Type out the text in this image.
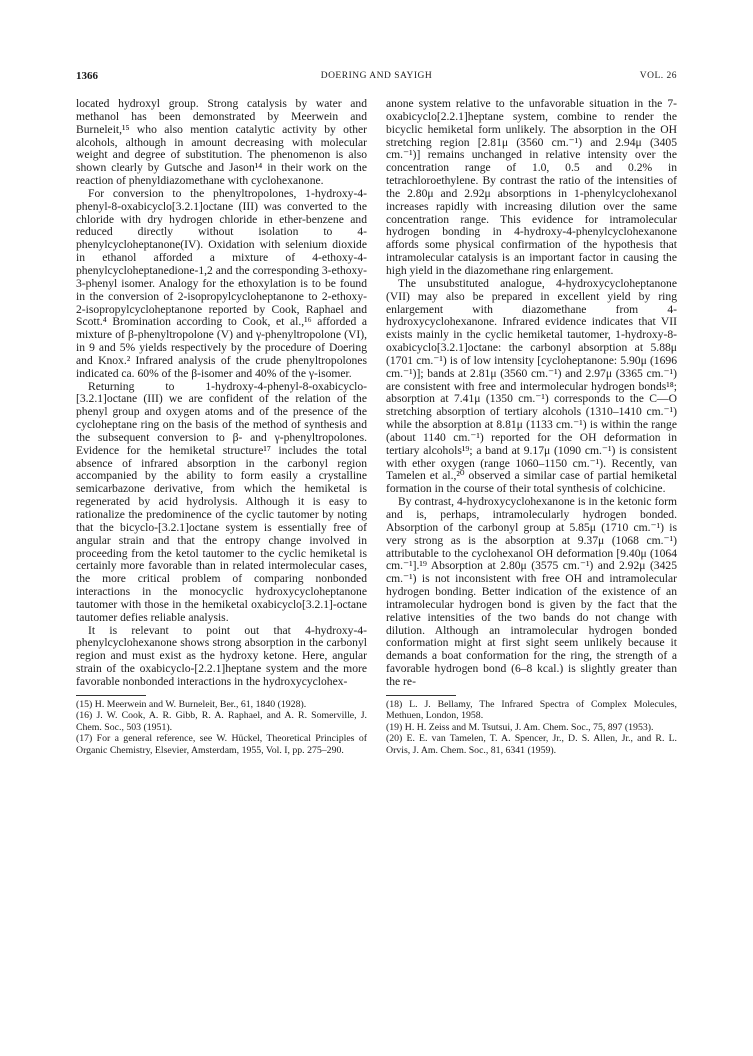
1366	DOERING AND SAYIGH	VOL. 26

located hydroxyl group. Strong catalysis by water and methanol has been demonstrated by Meerwein and Burneleit,¹⁵ who also mention catalytic activity by other alcohols, although in amount decreasing with molecular weight and degree of substitution. The phenomenon is also shown clearly by Gutsche and Jason¹⁴ in their work on the reaction of phenyldiazomethane with cyclohexanone.

For conversion to the phenyltropolones, 1-hydroxy-4-phenyl-8-oxabicyclo[3.2.1]octane (III) was converted to the chloride with dry hydrogen chloride in ether-benzene and reduced directly without isolation to 4-phenylcycloheptanone(IV). Oxidation with selenium dioxide in ethanol afforded a mixture of 4-ethoxy-4-phenylcycloheptanedione-1,2 and the corresponding 3-ethoxy-3-phenyl isomer. Analogy for the ethoxylation is to be found in the conversion of 2-isopropylcycloheptanone to 2-ethoxy-2-isopropylcycloheptanone reported by Cook, Raphael and Scott.⁴ Bromination according to Cook, et al.,¹⁶ afforded a mixture of β-phenyltropolone (V) and γ-phenyltropolone (VI), in 9 and 5% yields respectively by the procedure of Doering and Knox.² Infrared analysis of the crude phenyltropolones indicated ca. 60% of the β-isomer and 40% of the γ-isomer.

Returning to 1-hydroxy-4-phenyl-8-oxabicyclo-[3.2.1]octane (III) we are confident of the relation of the phenyl group and oxygen atoms and of the presence of the cycloheptane ring on the basis of the method of synthesis and the subsequent conversion to β- and γ-phenyltropolones. Evidence for the hemiketal structure¹⁷ includes the total absence of infrared absorption in the carbonyl region accompanied by the ability to form easily a crystalline semicarbazone derivative, from which the hemiketal is regenerated by acid hydrolysis. Although it is easy to rationalize the predominence of the cyclic tautomer by noting that the bicyclo-[3.2.1]octane system is essentially free of angular strain and that the entropy change involved in proceeding from the ketol tautomer to the cyclic hemiketal is certainly more favorable than in related intermolecular cases, the more critical problem of comparing nonbonded interactions in the monocyclic hydroxycycloheptanone tautomer with those in the hemiketal oxabicyclo[3.2.1]-octane tautomer defies reliable analysis.

It is relevant to point out that 4-hydroxy-4-phenylcyclohexanone shows strong absorption in the carbonyl region and must exist as the hydroxy ketone. Here, angular strain of the oxabicyclo-[2.2.1]heptane system and the more favorable nonbonded interactions in the hydroxycyclohex-

(15) H. Meerwein and W. Burneleit, Ber., 61, 1840 (1928).

(16) J. W. Cook, A. R. Gibb, R. A. Raphael, and A. R. Somerville, J. Chem. Soc., 503 (1951).

(17) For a general reference, see W. Hückel, Theoretical Principles of Organic Chemistry, Elsevier, Amsterdam, 1955, Vol. I, pp. 275–290.

anone system relative to the unfavorable situation in the 7-oxabicyclo[2.2.1]heptane system, combine to render the bicyclic hemiketal form unlikely. The absorption in the OH stretching region [2.81μ (3560 cm.⁻¹) and 2.94μ (3405 cm.⁻¹)] remains unchanged in relative intensity over the concentration range of 1.0, 0.5 and 0.2% in tetrachloroethylene. By contrast the ratio of the intensities of the 2.80μ and 2.92μ absorptions in 1-phenylcyclohexanol increases rapidly with increasing dilution over the same concentration range. This evidence for intramolecular hydrogen bonding in 4-hydroxy-4-phenylcyclohexanone affords some physical confirmation of the hypothesis that intramolecular catalysis is an important factor in causing the high yield in the diazomethane ring enlargement.

The unsubstituted analogue, 4-hydroxycycloheptanone (VII) may also be prepared in excellent yield by ring enlargement with diazomethane from 4-hydroxycyclohexanone. Infrared evidence indicates that VII exists mainly in the cyclic hemiketal tautomer, 1-hydroxy-8-oxabicyclo[3.2.1]octane: the carbonyl absorption at 5.88μ (1701 cm.⁻¹) is of low intensity [cycloheptanone: 5.90μ (1696 cm.⁻¹)]; bands at 2.81μ (3560 cm.⁻¹) and 2.97μ (3365 cm.⁻¹) are consistent with free and intermolecular hydrogen bonds¹⁸; absorption at 7.41μ (1350 cm.⁻¹) corresponds to the C—O stretching absorption of tertiary alcohols (1310–1410 cm.⁻¹) while the absorption at 8.81μ (1133 cm.⁻¹) is within the range (about 1140 cm.⁻¹) reported for the OH deformation in tertiary alcohols¹⁹; a band at 9.17μ (1090 cm.⁻¹) is consistent with ether oxygen (range 1060–1150 cm.⁻¹). Recently, van Tamelen et al.,²⁰ observed a similar case of partial hemiketal formation in the course of their total synthesis of colchicine.

By contrast, 4-hydroxycyclohexanone is in the ketonic form and is, perhaps, intramolecularly hydrogen bonded. Absorption of the carbonyl group at 5.85μ (1710 cm.⁻¹) is very strong as is the absorption at 9.37μ (1068 cm.⁻¹) attributable to the cyclohexanol OH deformation [9.40μ (1064 cm.⁻¹].¹⁹ Absorption at 2.80μ (3575 cm.⁻¹) and 2.92μ (3425 cm.⁻¹) is not inconsistent with free OH and intramolecular hydrogen bonding. Better indication of the existence of an intramolecular hydrogen bond is given by the fact that the relative intensities of the two bands do not change with dilution. Although an intramolecular hydrogen bonded conformation might at first sight seem unlikely because it demands a boat conformation for the ring, the strength of a favorable hydrogen bond (6–8 kcal.) is slightly greater than the re-

(18) L. J. Bellamy, The Infrared Spectra of Complex Molecules, Methuen, London, 1958.

(19) H. H. Zeiss and M. Tsutsui, J. Am. Chem. Soc., 75, 897 (1953).

(20) E. E. van Tamelen, T. A. Spencer, Jr., D. S. Allen, Jr., and R. L. Orvis, J. Am. Chem. Soc., 81, 6341 (1959).
